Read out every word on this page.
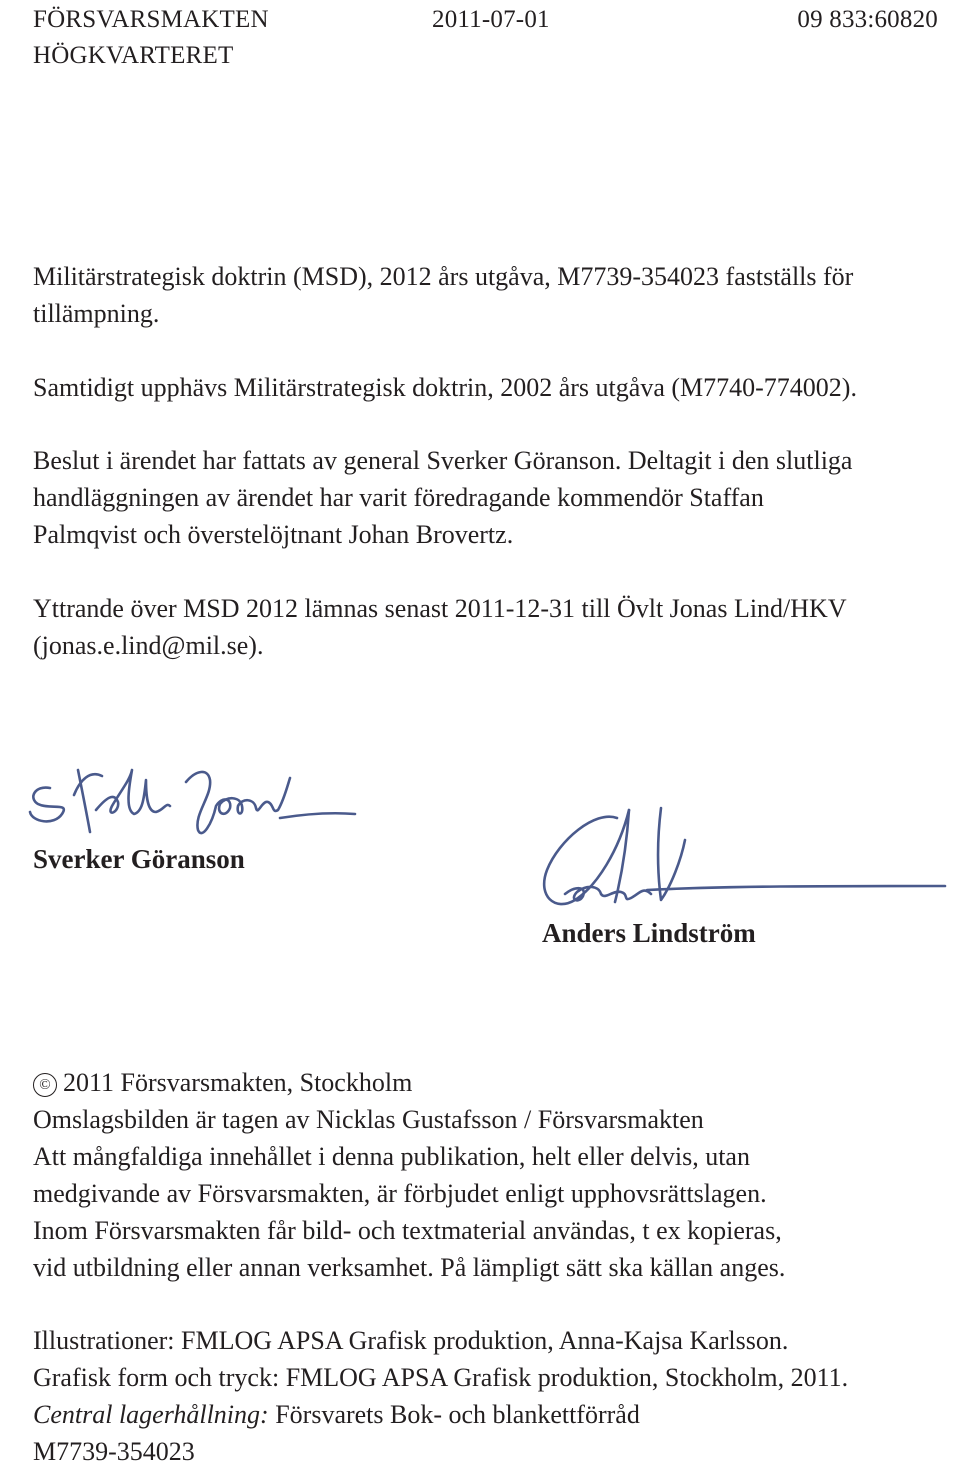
FÖRSVARSMAKTEN
HÖGKVARTERET
2011-07-01	09 833:60820
Militärstrategisk doktrin (MSD), 2012 års utgåva, M7739-354023 fastställs för
tillämpning.
Samtidigt upphävs Militärstrategisk doktrin, 2002 års utgåva (M7740-774002).
Beslut i ärendet har fattats av general Sverker Göranson. Deltagit i den slutliga
handläggningen av ärendet har varit föredragande kommendör Staffan
Palmqvist och överstelöjtnant Johan Brovertz.
Yttrande över MSD 2012 lämnas senast 2011-12-31 till Övlt Jonas Lind/HKV
(jonas.e.lind@mil.se).
Sverker Göranson
Anders Lindström
© 2011 Försvarsmakten, Stockholm
Omslagsbilden är tagen av Nicklas Gustafsson / Försvarsmakten
Att mångfaldiga innehållet i denna publikation, helt eller delvis, utan
medgivande av Försvarsmakten, är förbjudet enligt upphovsrättslagen.
Inom Försvarsmakten får bild- och textmaterial användas, t ex kopieras,
vid utbildning eller annan verksamhet. På lämpligt sätt ska källan anges.
Illustrationer: FMLOG APSA Grafisk produktion, Anna-Kajsa Karlsson.
Grafisk form och tryck: FMLOG APSA Grafisk produktion, Stockholm, 2011.
Central lagerhållning: Försvarets Bok- och blankettförråd
M7739-354023
